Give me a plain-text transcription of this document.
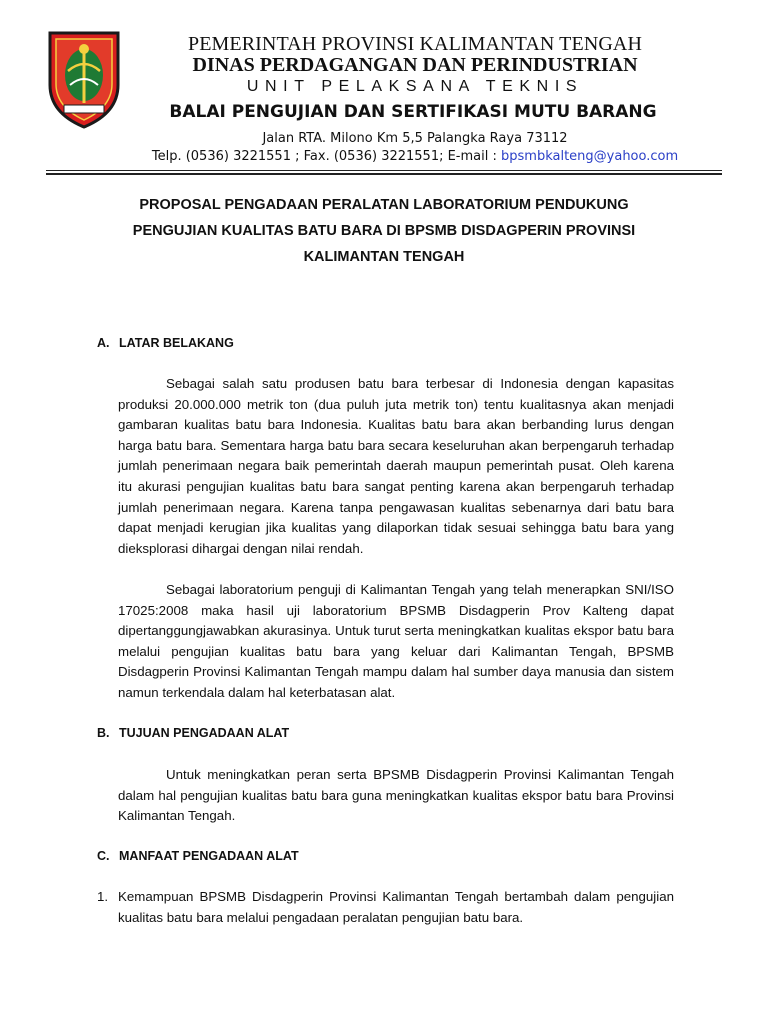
PEMERINTAH PROVINSI KALIMANTAN TENGAH
DINAS PERDAGANGAN DAN PERINDUSTRIAN
UNIT PELAKSANA TEKNIS
BALAI PENGUJIAN DAN SERTIFIKASI MUTU BARANG
Jalan RTA. Milono Km 5,5 Palangka Raya 73112
Telp. (0536) 3221551 ; Fax. (0536) 3221551; E-mail : bpsmbkalteng@yahoo.com
PROPOSAL PENGADAAN PERALATAN LABORATORIUM PENDUKUNG
PENGUJIAN KUALITAS BATU BARA DI BPSMB DISDAGPERIN PROVINSI
KALIMANTAN TENGAH
A. LATAR BELAKANG

Sebagai salah satu produsen batu bara terbesar di Indonesia dengan kapasitas produksi 20.000.000 metrik ton (dua puluh juta metrik ton) tentu kualitasnya akan menjadi gambaran kualitas batu bara Indonesia. Kualitas batu bara akan berbanding lurus dengan harga batu bara. Sementara harga batu bara secara keseluruhan akan berpengaruh terhadap jumlah penerimaan negara baik pemerintah daerah maupun pemerintah pusat. Oleh karena itu akurasi pengujian kualitas batu bara sangat penting karena akan berpengaruh terhadap jumlah penerimaan negara. Karena tanpa pengawasan kualitas sebenarnya dari batu bara dapat menjadi kerugian jika kualitas yang dilaporkan tidak sesuai sehingga batu bara yang dieksplorasi dihargai dengan nilai rendah.

Sebagai laboratorium penguji di Kalimantan Tengah yang telah menerapkan SNI/ISO 17025:2008 maka hasil uji laboratorium BPSMB Disdagperin Prov Kalteng dapat dipertanggungjawabkan akurasinya. Untuk turut serta meningkatkan kualitas ekspor batu bara melalui pengujian kualitas batu bara yang keluar dari Kalimantan Tengah, BPSMB Disdagperin Provinsi Kalimantan Tengah mampu dalam hal sumber daya manusia dan sistem namun terkendala dalam hal keterbatasan alat.

B. TUJUAN PENGADAAN ALAT

Untuk meningkatkan peran serta BPSMB Disdagperin Provinsi Kalimantan Tengah dalam hal pengujian kualitas batu bara guna meningkatkan kualitas ekspor batu bara Provinsi Kalimantan Tengah.

C. MANFAAT PENGADAAN ALAT
1. Kemampuan BPSMB Disdagperin Provinsi Kalimantan Tengah bertambah dalam pengujian kualitas batu bara melalui pengadaan peralatan pengujian batu bara.
